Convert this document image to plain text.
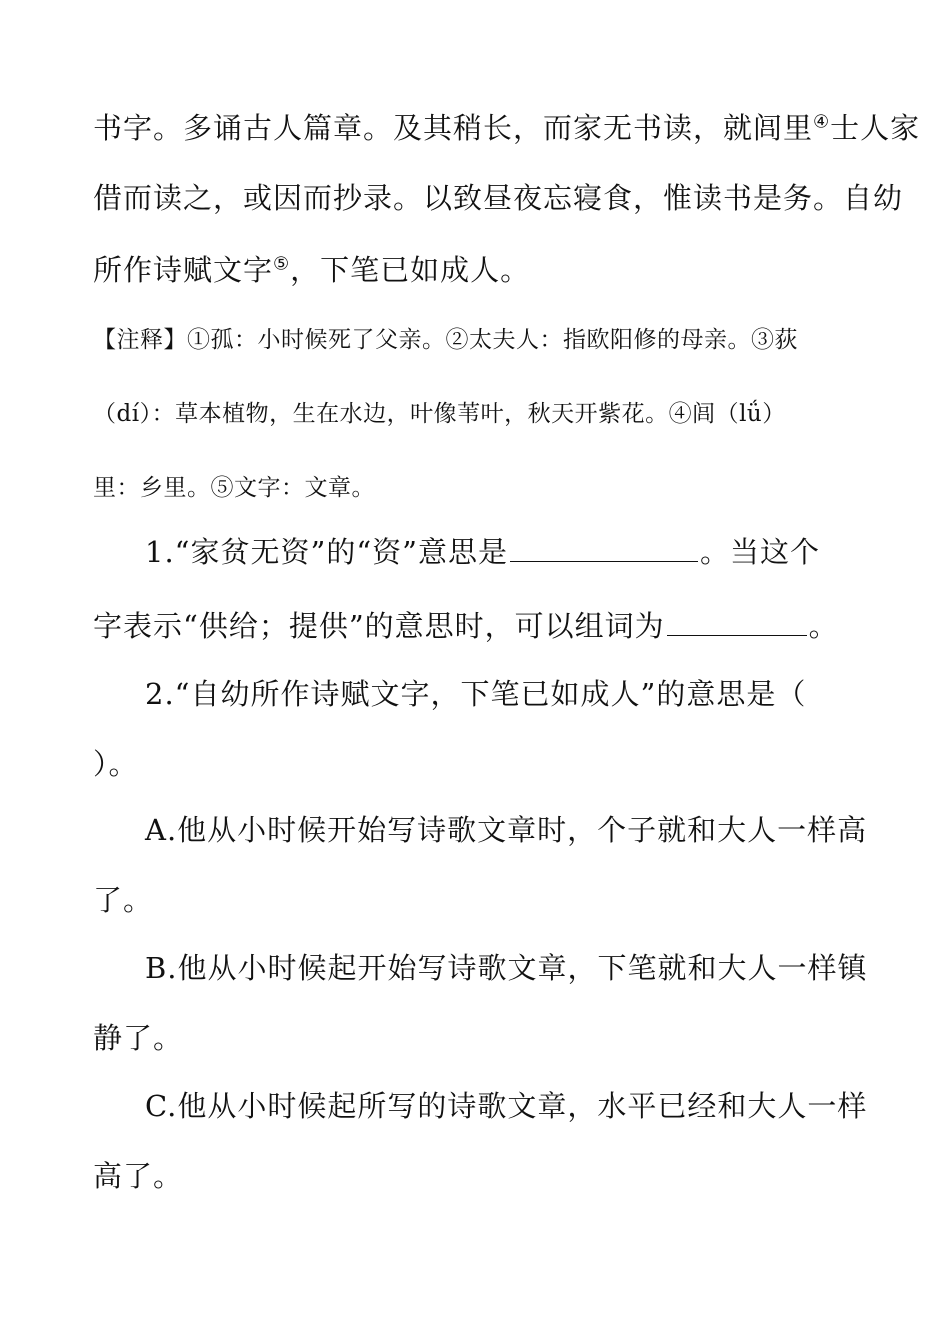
书字。多诵古人篇章。及其稍长，而家无书读，就闾里④士人家
借而读之，或因而抄录。以致昼夜忘寝食，惟读书是务。自幼
所作诗赋文字⑤，下笔已如成人。
【注释】①孤：小时候死了父亲。②太夫人：指欧阳修的母亲。③荻
（dí）：草本植物，生在水边，叶像苇叶，秋天开紫花。④闾（lǘ）
里：乡里。⑤文字：文章。
1.“家贫无资”的“资”意思是	。当这个
字表示“供给；提供”的意思时，可以组词为	。
2.“自幼所作诗赋文字，下笔已如成人”的意思是（
）。
A.他从小时候开始写诗歌文章时，个子就和大人一样高
了。
B.他从小时候起开始写诗歌文章，下笔就和大人一样镇
静了。
C.他从小时候起所写的诗歌文章，水平已经和大人一样
高了。
